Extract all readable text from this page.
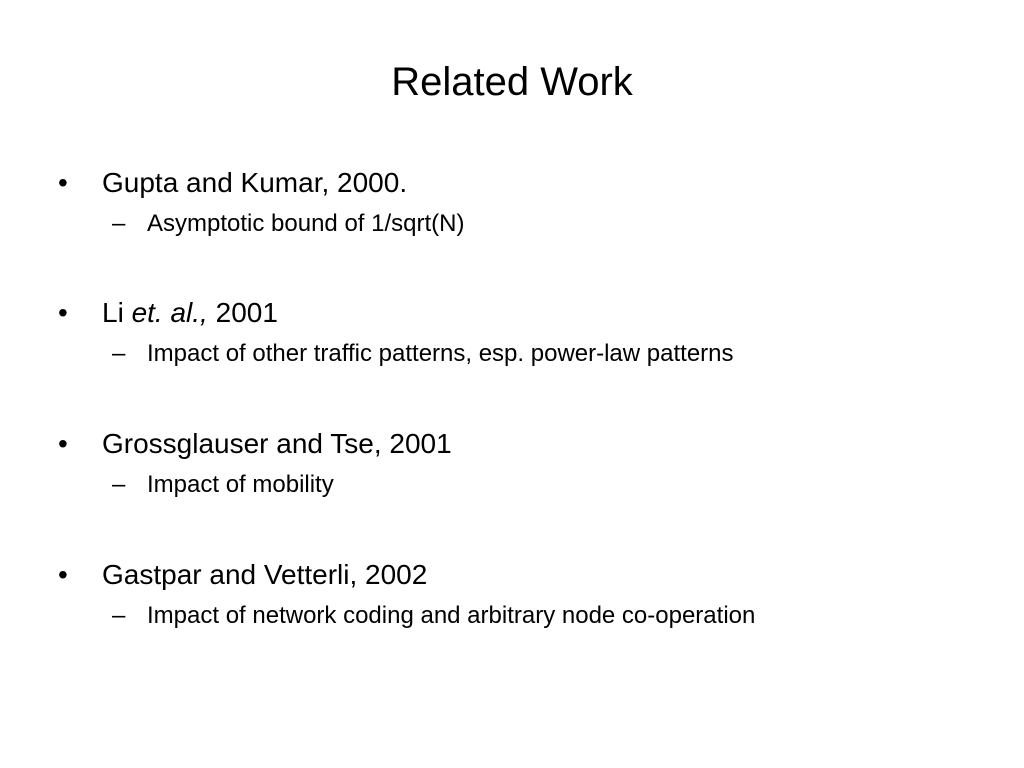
Related Work
• Gupta and Kumar, 2000.
– Asymptotic bound of 1/sqrt(N)
• Li et. al., 2001
– Impact of other traffic patterns, esp. power-law patterns
• Grossglauser and Tse, 2001
– Impact of mobility
• Gastpar and Vetterli, 2002
– Impact of network coding and arbitrary node co-operation
